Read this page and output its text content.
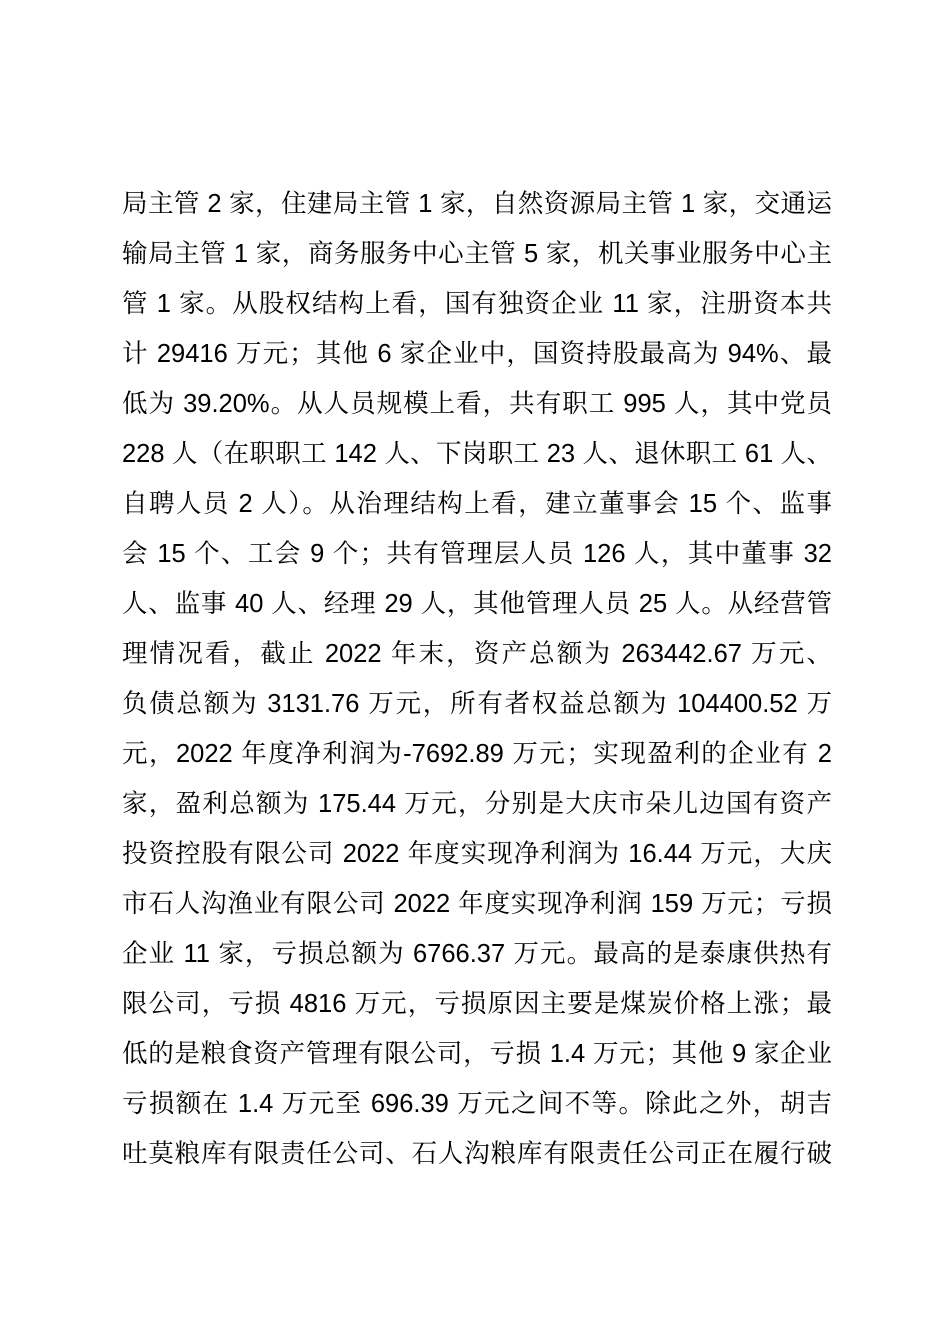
局主管 2 家，住建局主管 1 家，自然资源局主管 1 家，交通运
输局主管 1 家，商务服务中心主管 5 家，机关事业服务中心主
管 1 家。从股权结构上看，国有独资企业 11 家，注册资本共
计 29416 万元；其他 6 家企业中，国资持股最高为 94%、最
低为 39.20%。从人员规模上看，共有职工 995 人，其中党员
228 人（在职职工 142 人、下岗职工 23 人、退休职工 61 人、
自聘人员 2 人）。从治理结构上看，建立董事会 15 个、监事
会 15 个、工会 9 个；共有管理层人员 126 人，其中董事 32
人、监事 40 人、经理 29 人，其他管理人员 25 人。从经营管
理情况看，截止 2022 年末，资产总额为 263442.67 万元、
负债总额为 3131.76 万元，所有者权益总额为 104400.52 万
元，2022 年度净利润为-7692.89 万元；实现盈利的企业有 2
家，盈利总额为 175.44 万元，分别是大庆市朵儿边国有资产
投资控股有限公司 2022 年度实现净利润为 16.44 万元，大庆
市石人沟渔业有限公司 2022 年度实现净利润 159 万元；亏损
企业 11 家，亏损总额为 6766.37 万元。最高的是泰康供热有
限公司，亏损 4816 万元，亏损原因主要是煤炭价格上涨；最
低的是粮食资产管理有限公司，亏损 1.4 万元；其他 9 家企业
亏损额在 1.4 万元至 696.39 万元之间不等。除此之外，胡吉
吐莫粮库有限责任公司、石人沟粮库有限责任公司正在履行破
